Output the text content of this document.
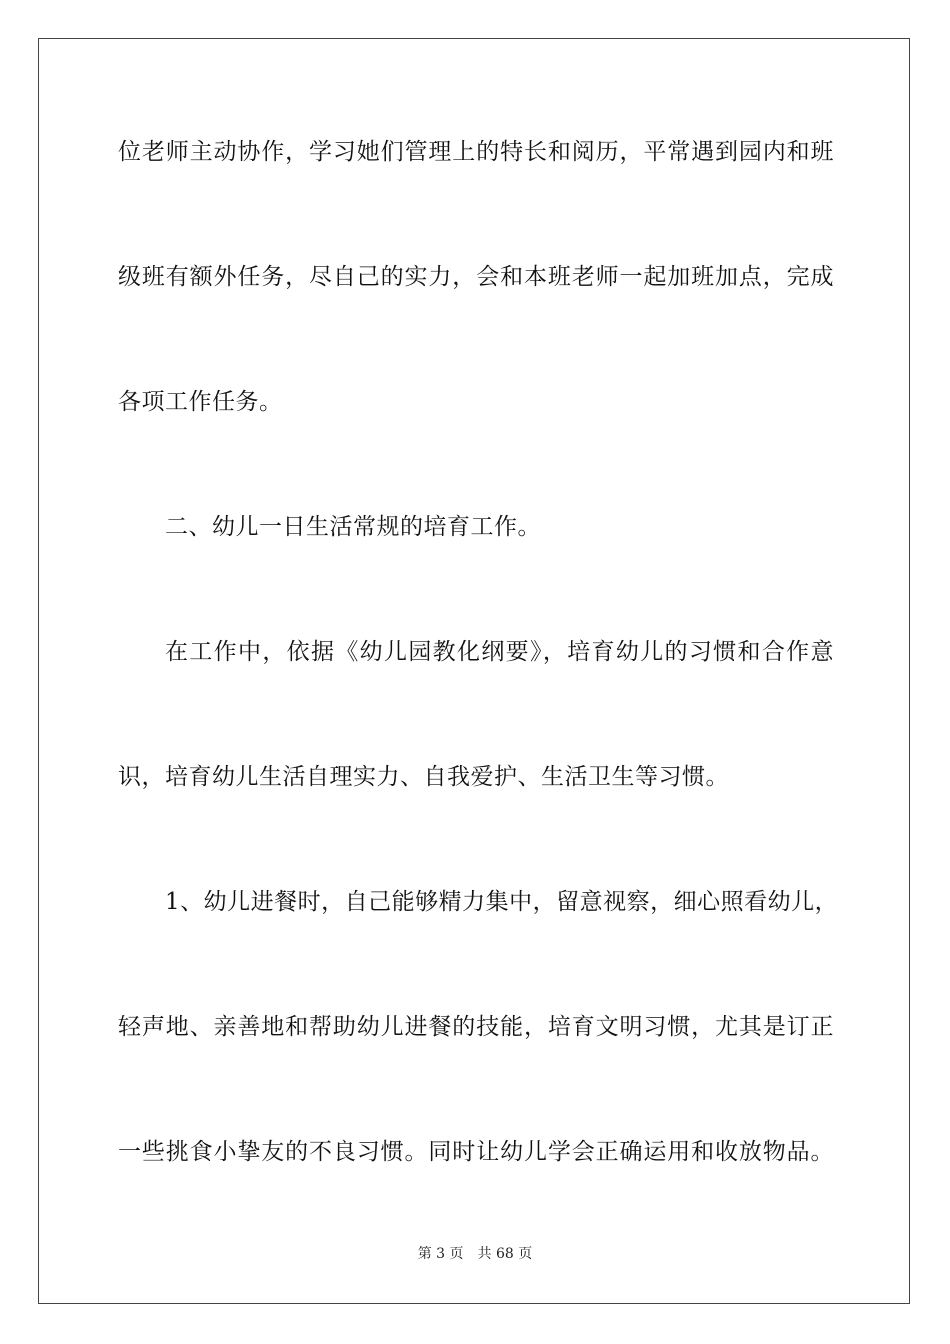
位老师主动协作，学习她们管理上的特长和阅历，平常遇到园内和班
级班有额外任务，尽自己的实力，会和本班老师一起加班加点，完成
各项工作任务。
二、幼儿一日生活常规的培育工作。
在工作中，依据《幼儿园教化纲要》，培育幼儿的习惯和合作意
识，培育幼儿生活自理实力、自我爱护、生活卫生等习惯。
1、幼儿进餐时，自己能够精力集中，留意视察，细心照看幼儿，
轻声地、亲善地和帮助幼儿进餐的技能，培育文明习惯，尤其是订正
一些挑食小挚友的不良习惯。同时让幼儿学会正确运用和收放物品。
第 3 页　共 68 页
